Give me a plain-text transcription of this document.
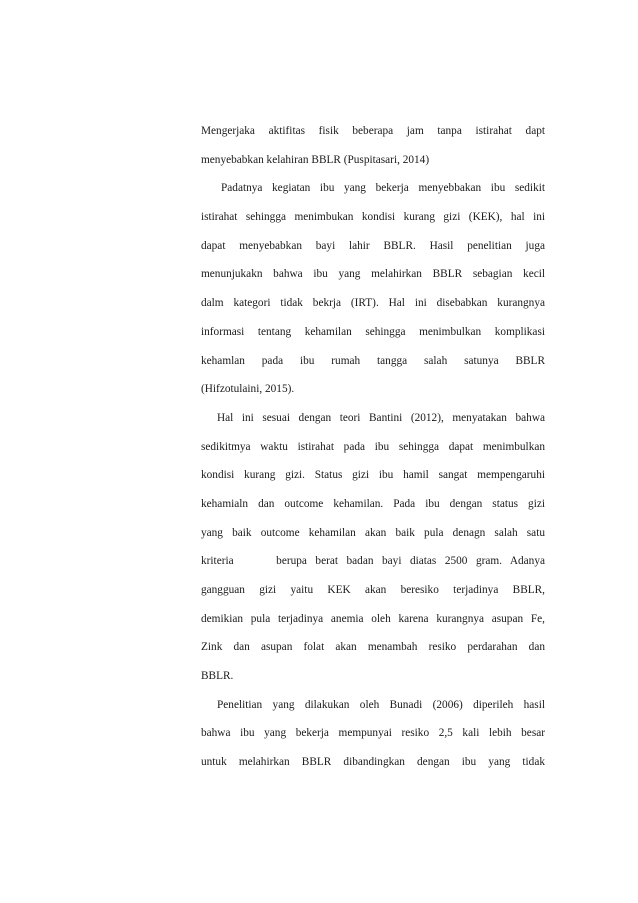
Mengerjaka aktifitas fisik beberapa jam tanpa istirahat dapt
menyebabkan kelahiran BBLR (Puspitasari, 2014)
Padatnya kegiatan ibu yang bekerja menyebbakan ibu sedikit
istirahat sehingga menimbukan kondisi kurang gizi (KEK), hal ini
dapat menyebabkan bayi lahir BBLR. Hasil penelitian juga
menunjukakn bahwa ibu yang melahirkan BBLR sebagian kecil
dalm kategori tidak bekrja (IRT). Hal ini disebabkan kurangnya
informasi tentang kehamilan sehingga menimbulkan komplikasi
kehamlan pada ibu rumah tangga salah satunya BBLR
(Hifzotulaini, 2015).
Hal ini sesuai dengan teori Bantini (2012), menyatakan bahwa
sedikitmya waktu istirahat pada ibu sehingga dapat menimbulkan
kondisi kurang gizi. Status gizi ibu hamil sangat mempengaruhi
kehamialn dan outcome kehamilan. Pada ibu dengan status gizi
yang baik outcome kehamilan akan baik pula denagn salah satu
kriteria     berupa berat badan bayi diatas 2500 gram. Adanya
gangguan gizi yaitu KEK akan beresiko terjadinya BBLR,
demikian pula terjadinya anemia oleh karena kurangnya asupan Fe,
Zink dan asupan folat akan menambah resiko perdarahan dan
BBLR.
Penelitian yang dilakukan oleh Bunadi (2006) diperileh hasil
bahwa ibu yang bekerja mempunyai resiko 2,5 kali lebih besar
untuk melahirkan BBLR dibandingkan dengan ibu yang tidak
